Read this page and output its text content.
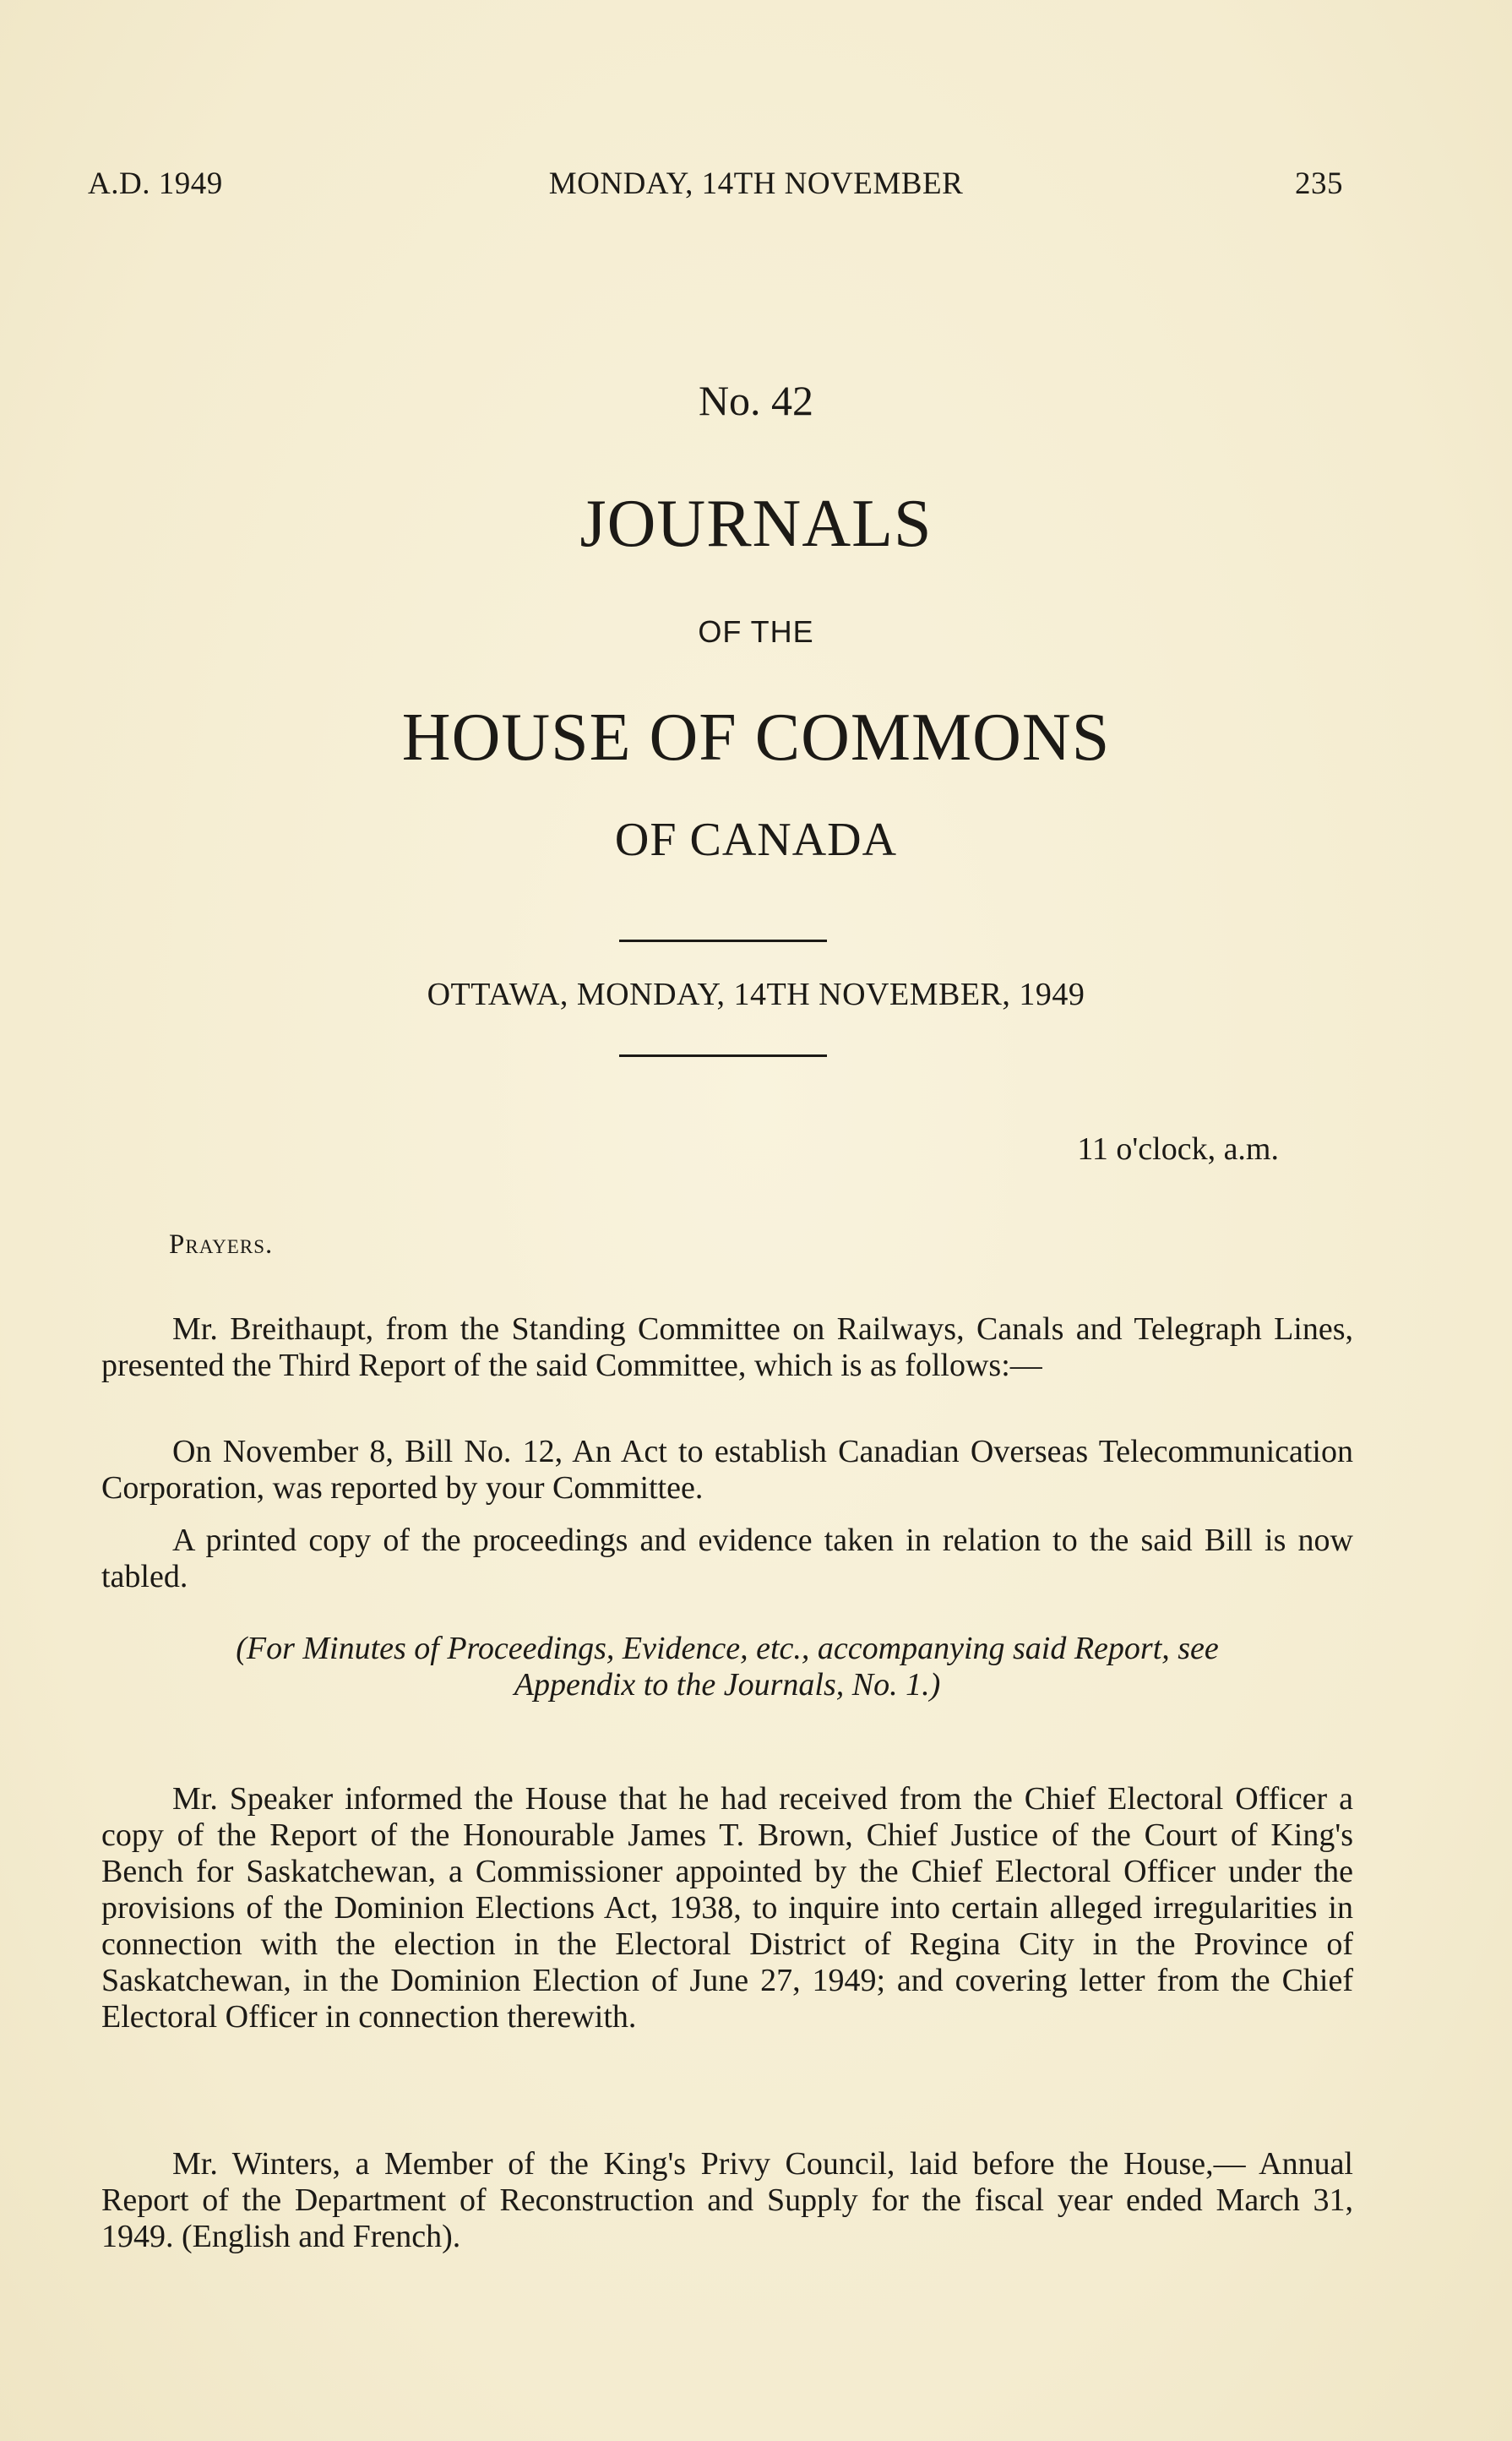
A.D. 1949	MONDAY, 14TH NOVEMBER	235
No. 42
JOURNALS
OF THE
HOUSE OF COMMONS
OF CANADA
OTTAWA, MONDAY, 14TH NOVEMBER, 1949
11 o'clock, a.m.
Prayers.
Mr. Breithaupt, from the Standing Committee on Railways, Canals and Telegraph Lines, presented the Third Report of the said Committee, which is as follows:—
On November 8, Bill No. 12, An Act to establish Canadian Overseas Telecommunication Corporation, was reported by your Committee.
A printed copy of the proceedings and evidence taken in relation to the said Bill is now tabled.
(For Minutes of Proceedings, Evidence, etc., accompanying said Report, see
Appendix to the Journals, No. 1.)
Mr. Speaker informed the House that he had received from the Chief Electoral Officer a copy of the Report of the Honourable James T. Brown, Chief Justice of the Court of King's Bench for Saskatchewan, a Commissioner appointed by the Chief Electoral Officer under the provisions of the Dominion Elections Act, 1938, to inquire into certain alleged irregularities in connection with the election in the Electoral District of Regina City in the Province of Saskatchewan, in the Dominion Election of June 27, 1949; and covering letter from the Chief Electoral Officer in connection therewith.
Mr. Winters, a Member of the King's Privy Council, laid before the House,— Annual Report of the Department of Reconstruction and Supply for the fiscal year ended March 31, 1949. (English and French).
